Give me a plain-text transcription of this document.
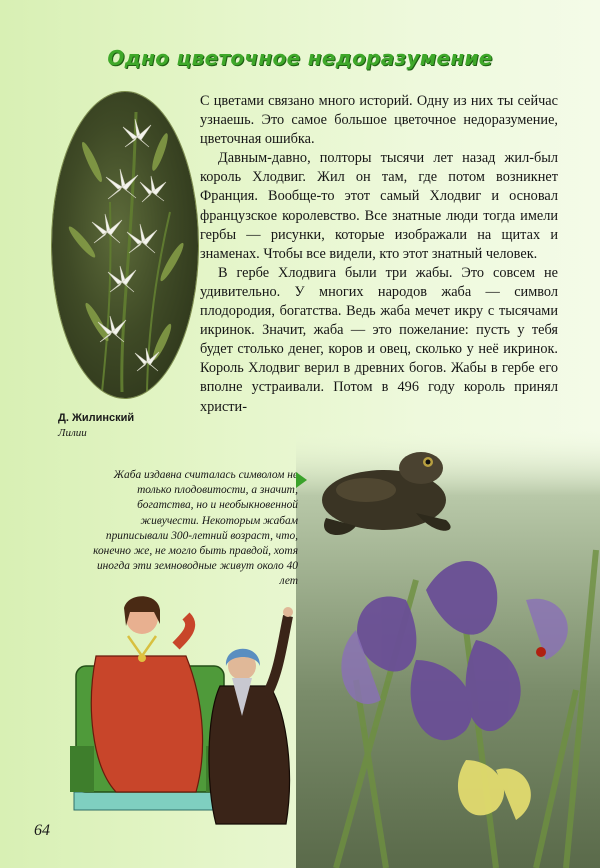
Одно цветочное недоразумение
Д. Жилинский
Лилии

С цветами связано много историй. Одну из них ты сейчас узнаешь. Это самое большое цветочное недоразумение, цветочная ошибка.

Давным-давно, полторы тысячи лет назад жил-был король Хлодвиг. Жил он там, где потом возникнет Франция. Вообще-то этот самый Хлодвиг и основал французское королевство. Все знатные люди тогда имели гербы — рисунки, которые изображали на щитах и знаменах. Чтобы все видели, кто этот знатный человек.

В гербе Хлодвига были три жабы. Это совсем не удивительно. У многих народов жаба — символ плодородия, богатства. Ведь жаба мечет икру с тысячами икринок. Значит, жаба — это пожелание: пусть у тебя будет столько денег, коров и овец, сколько у неё икринок. Король Хлодвиг верил в древних богов. Жабы в гербе его вполне устраивали. Потом в 496 году король принял христи-

Жаба издавна считалась символом не только плодовитости, а значит, богатства, но и необыкновенной живучести. Некоторым жабам приписывали 300-летний возраст, что, конечно же, не могло быть правдой, хотя иногда эти земноводные живут около 40 лет
64
